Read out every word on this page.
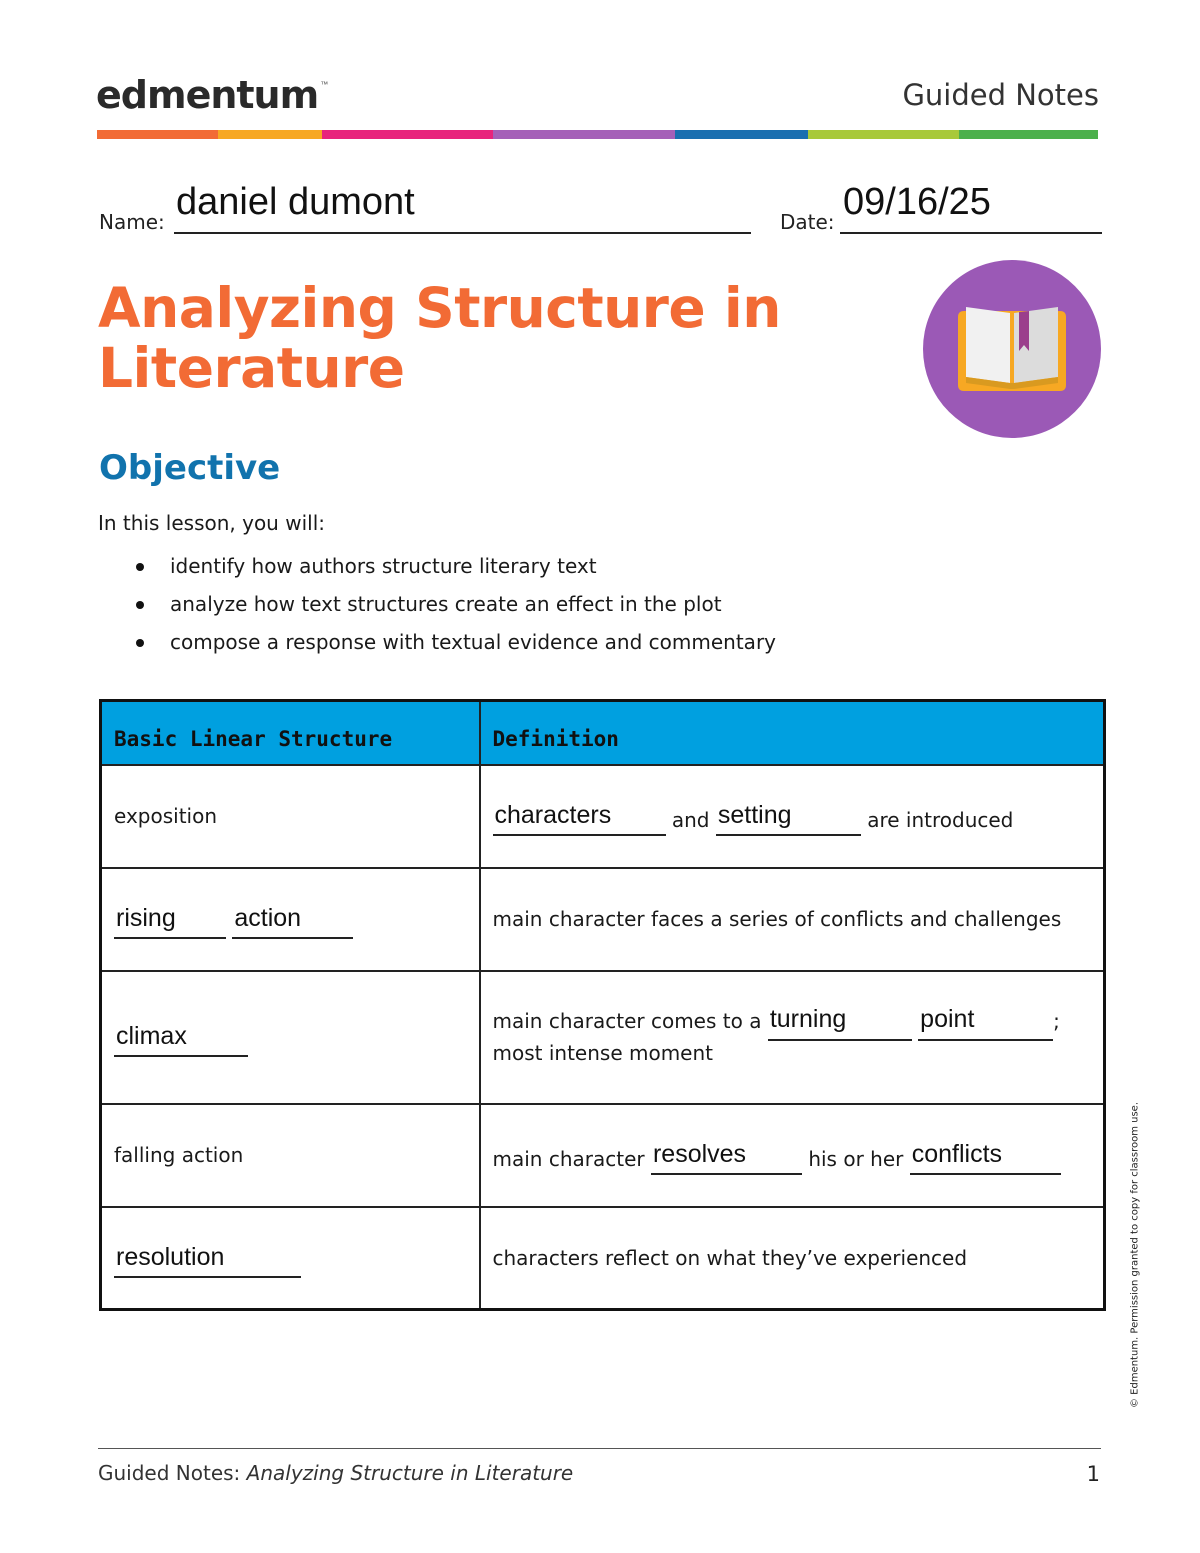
edmentum ™	Guided Notes
Name: daniel dumont	Date: 09/16/25
Analyzing Structure in Literature
Objective
In this lesson, you will:
identify how authors structure literary text
analyze how text structures create an effect in the plot
compose a response with textual evidence and commentary
Basic Linear Structure	Definition
exposition	characters and setting are introduced

rising
action	main character faces a series of conflicts and challenges

climax	main character comes to a turning
point ;
most intense moment

falling action	main character resolves his or her conflicts

resolution	characters reflect on what they’ve experienced	© Edmentum. Permission granted to copy for classroom use.
Guided Notes: Analyzing Structure in Literature	1
